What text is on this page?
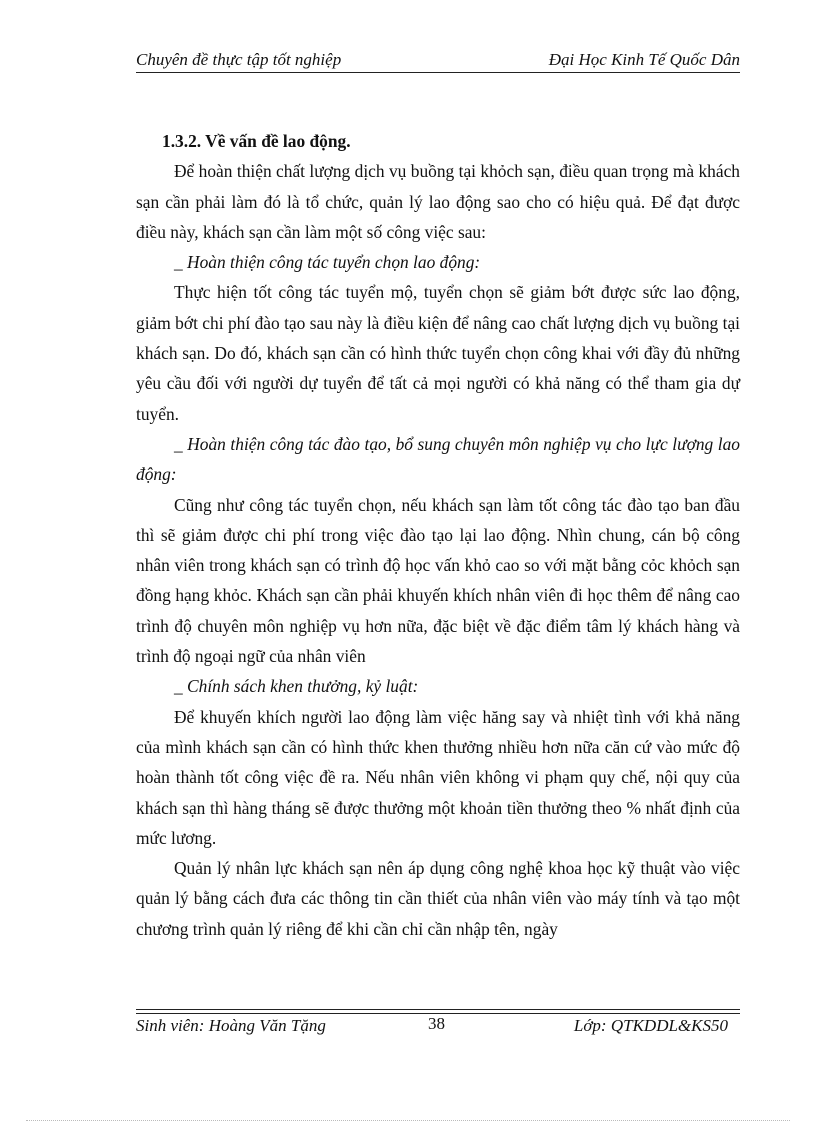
Chuyên đề thực tập tốt nghiệp	Đại Học Kinh Tế Quốc Dân

1.3.2. Về vấn đề lao động.

Để hoàn thiện chất lượng dịch vụ buồng tại khỏch sạn, điều quan trọng mà khách sạn cần phải làm đó là tổ chức, quản lý lao động sao cho có hiệu quả. Để đạt được điều này, khách sạn cần làm một số công việc sau:

_ Hoàn thiện công tác tuyển chọn lao động:

Thực hiện tốt công tác tuyển mộ, tuyển chọn sẽ giảm bớt được sức lao động, giảm bớt chi phí đào tạo sau này là điều kiện để nâng cao chất lượng dịch vụ buồng tại khách sạn. Do đó, khách sạn cần có hình thức tuyển chọn công khai với đầy đủ những yêu cầu đối với người dự tuyển để tất cả mọi người có khả năng có thể tham gia dự tuyển.

_ Hoàn thiện công tác đào tạo, bổ sung chuyên môn nghiệp vụ cho lực lượng lao động:

Cũng như công tác tuyển chọn, nếu khách sạn làm tốt công tác đào tạo ban đầu thì sẽ giảm được chi phí trong việc đào tạo lại lao động. Nhìn chung, cán bộ công nhân viên trong khách sạn có trình độ học vấn khỏ cao so với mặt bằng cỏc khỏch sạn đồng hạng khỏc. Khách sạn cần phải khuyến khích nhân viên đi học thêm để nâng cao trình độ chuyên môn nghiệp vụ hơn nữa, đặc biệt về đặc điểm tâm lý khách hàng và trình độ ngoại ngữ của nhân viên

_ Chính sách khen thưởng, kỷ luật:

Để khuyến khích người lao động làm việc hăng say và nhiệt tình với khả năng của mình khách sạn cần có hình thức khen thưởng nhiều hơn nữa căn cứ vào mức độ hoàn thành tốt công việc đề ra. Nếu nhân viên không vi phạm quy chế, nội quy của khách sạn thì hàng tháng sẽ được thưởng một khoản tiền thưởng theo % nhất định của mức lương.

Quản lý nhân lực khách sạn nên áp dụng công nghệ khoa học kỹ thuật vào việc quản lý bằng cách đưa các thông tin cần thiết của nhân viên vào máy tính và tạo một chương trình quản lý riêng để khi cần chỉ cần nhập tên, ngày

Sinh viên: Hoàng Văn Tặng	38	Lớp: QTKDDL&KS50
